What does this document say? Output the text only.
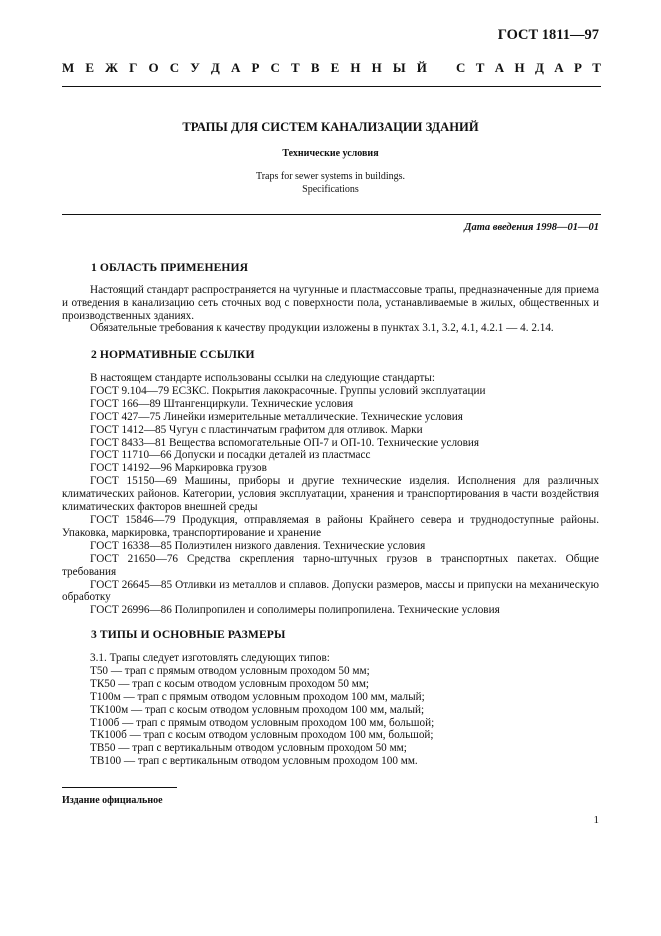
ГОСТ 1811—97
М Е Ж Г О С У Д А Р С Т В Е Н Н Ы Й С Т А Н Д А Р Т
ТРАПЫ ДЛЯ СИСТЕМ КАНАЛИЗАЦИИ ЗДАНИЙ
Технические условия
Traps for sewer systems in buildings.
Specifications
Дата введения 1998—01—01
1 ОБЛАСТЬ ПРИМЕНЕНИЯ

Настоящий стандарт распространяется на чугунные и пластмассовые трапы, предназначенные для приема и отведения в канализацию сеть сточных вод с поверхности пола, устанавливаемые в жилых, общественных и производственных зданиях.

Обязательные требования к качеству продукции изложены в пунктах 3.1, 3.2, 4.1, 4.2.1 — 4. 2.14.

2 НОРМАТИВНЫЕ ССЫЛКИ

В настоящем стандарте использованы ссылки на следующие стандарты:

ГОСТ 9.104—79 ЕСЗКС. Покрытия лакокрасочные. Группы условий эксплуатации

ГОСТ 166—89 Штангенциркули. Технические условия

ГОСТ 427—75 Линейки измерительные металлические. Технические условия

ГОСТ 1412—85 Чугун с пластинчатым графитом для отливок. Марки

ГОСТ 8433—81 Вещества вспомогательные ОП-7 и ОП-10. Технические условия

ГОСТ 11710—66 Допуски и посадки деталей из пластмасс

ГОСТ 14192—96 Маркировка грузов

ГОСТ 15150—69 Машины, приборы и другие технические изделия. Исполнения для различных климатических районов. Категории, условия эксплуатации, хранения и транспортирования в части воздействия климатических факторов внешней среды

ГОСТ 15846—79 Продукция, отправляемая в районы Крайнего севера и труднодоступные районы. Упаковка, маркировка, транспортирование и хранение

ГОСТ 16338—85 Полиэтилен низкого давления. Технические условия

ГОСТ 21650—76 Средства скрепления тарно-штучных грузов в транспортных пакетах. Общие требования

ГОСТ 26645—85 Отливки из металлов и сплавов. Допуски размеров, массы и припуски на механическую обработку

ГОСТ 26996—86 Полипропилен и сополимеры полипропилена. Технические условия

3 ТИПЫ И ОСНОВНЫЕ РАЗМЕРЫ

3.1. Трапы следует изготовлять следующих типов:

Т50 — трап с прямым отводом условным проходом 50 мм;

ТК50 — трап с косым отводом условным проходом 50 мм;

Т100м — трап с прямым отводом условным проходом 100 мм, малый;

ТК100м — трап с косым отводом условным проходом 100 мм, малый;

Т100б — трап с прямым отводом условным проходом 100 мм, большой;

ТК100б — трап с косым отводом условным проходом 100 мм, большой;

ТВ50 — трап с вертикальным отводом условным проходом 50 мм;

ТВ100 — трап с вертикальным отводом условным проходом 100 мм.

Издание официальное
1
